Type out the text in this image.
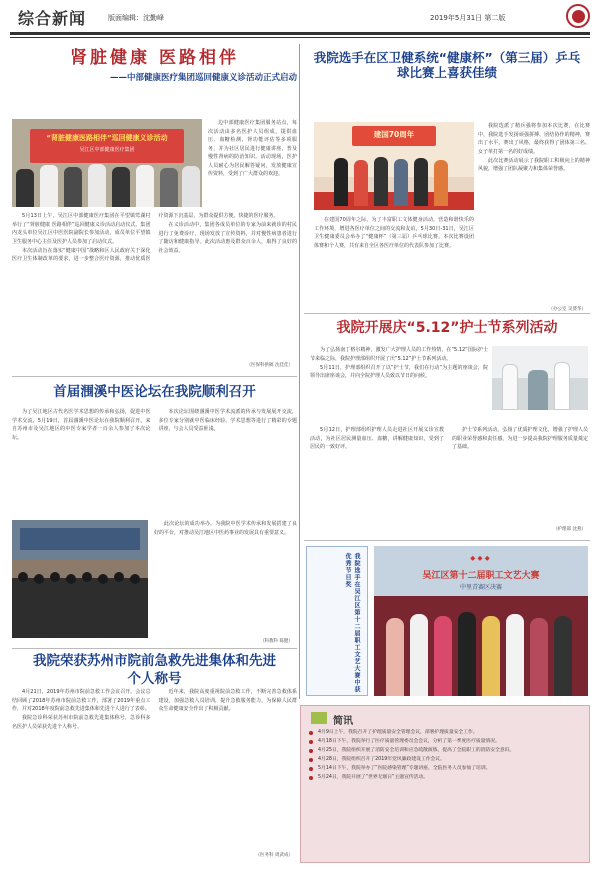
综合新闻	版面编辑：沈勤峰	2019年5月31日 第二版
肾脏健康 医路相伴
——中部健康医疗集团巡回健康义诊活动正式启动
“肾脏健康医路相伴”巡回健康义诊活动
吴江区中部健康医疗集团

边中部健康医疗集团服务站点，每次活动由多名医护人员组成，提供血压、血糖检测、肾功能评估等多项服务，并为社区居民进行健康讲座，普及慢性肾病的防治知识。活动现场，医护人员耐心为居民解答疑问，发放健康宣传资料，受到了广大群众的欢迎。

5月13日上午，吴江区中部健康医疗集团在平望镇莺湖村举行了“肾脏健康 医路相伴”巡回健康义诊活动启动仪式。集团内龙头单位吴江区中医医院副院长参加活动，成员单位平望镇卫生服务中心主任及医护人员参加了启动仪式。

本次活动旨在落实“健康中国”战略和区人民政府关于深化医疗卫生体制改革的要求，进一步整合医疗资源，推动优质医疗资源下沉基层，为群众提供方便、快捷的医疗服务。

在义诊活动中，集团各成员单位的专家为前来就诊的村民进行了免费诊疗，现场发放了宣传资料，并对慢性病患者进行了随访和健康指导。此次活动惠及群众百余人，取得了良好的社会效益。

（医保科供稿 沈佳佳）
我院选手在区卫健系统“健康杯”（第三届）乒乓球比赛上喜获佳绩
建国70周年

我院选派了精兵强将参加本次比赛，在比赛中，我院选手发扬顽强拼搏、团结协作的精神，赛出了水平，赛出了风格，最终获得了团体第三名、女子单打第一名的好成绩。

此次比赛活动展示了我院职工积极向上的精神风貌，增强了团队凝聚力和集体荣誉感。

在建国70周年之际，为了丰富职工文体健身活动，营造和谐快乐的工作环境，增进各医疗单位之间的交流和友谊，5月30日-31日，吴江区卫生健康委员会举办了“健康杯”（第三届）乒乓球比赛。本次比赛设团体赛和个人赛，共有来自全区各医疗单位的代表队参加了比赛。

（办公室 吴赟华）
我院开展庆“5.12”护士节系列活动

为了弘扬南丁格尔精神，激发广大护理人员的工作热情，在“5.12”国际护士节来临之际，我院护理部组织开展了庆“5.12”护士节系列活动。

5月11日，护理部组织召开了以“护士节，我们在行动”为主题的座谈会，院领导出席座谈会，并向全院护理人员致以节日的问候。

5月12日，护理部组织护理人员走进社区开展义诊宣教活动，为社区居民测量血压、血糖，讲解健康知识，受到了居民的一致好评。

护士节系列活动，弘扬了优质护理文化，增强了护理人员的职业荣誉感和责任感，为进一步提高我院护理服务质量奠定了基础。

（护理部 沈燕）
首届涠溪中医论坛在我院顺利召开

为了吴江地区古代名医学术思想的传承和弘扬，促进中医学术交流，5月19日，首届涠溪中医论坛在我院顺利召开。来自苏州市及吴江地区的中医专家学者一百余人参加了本次论坛。

本次论坛围绕涠溪中医学术流派的传承与发展展开交流，多位专家分别就中医临床经验、学术思想等进行了精彩的专题讲座，与会人员受益匪浅。

此次论坛的成功举办，为我院中医学术传承和发展搭建了良好的平台，对推动吴江地区中医药事业的发展具有重要意义。

（科教科 陈健）
我院荣获苏州市院前急救先进集体和先进个人称号

4月21日，2019年苏州市院前急救工作会议召开。会议总结回顾了2018年苏州市院前急救工作，部署了2019年重点工作，并对2018年度院前急救先进集体和先进个人进行了表彰。

我院急诊科荣获苏州市院前急救先进集体称号，急诊科多名医护人员荣获先进个人称号。

近年来，我院高度重视院前急救工作，不断完善急救体系建设，加强急救人员培训，提升急救服务能力，为保障人民群众生命健康安全作出了积极贡献。

（医务科 周武成）
我院选手在吴江区第十二届职工文艺大赛中获优秀节目奖	◆ ◆ ◆
吴江区第十二届职工文艺大赛
中里青赛区决赛
简讯
4月9日上午，我院召开了护理质量安全管理会议，部署护理质量安全工作。
4月18日下午，我院举行了医疗质量管理委员会会议，分析了第一季度医疗质量情况。
4月25日，我院组织开展了消防安全培训和应急疏散演练，提高了全院职工的消防安全意识。
4月28日，我院组织召开了2019年党风廉政建设工作会议。
5月14日下午，我院举办了“医院感染管理”专题讲座，全院医务人员参加了培训。
5月24日，我院开展了“世界无烟日”主题宣传活动。
